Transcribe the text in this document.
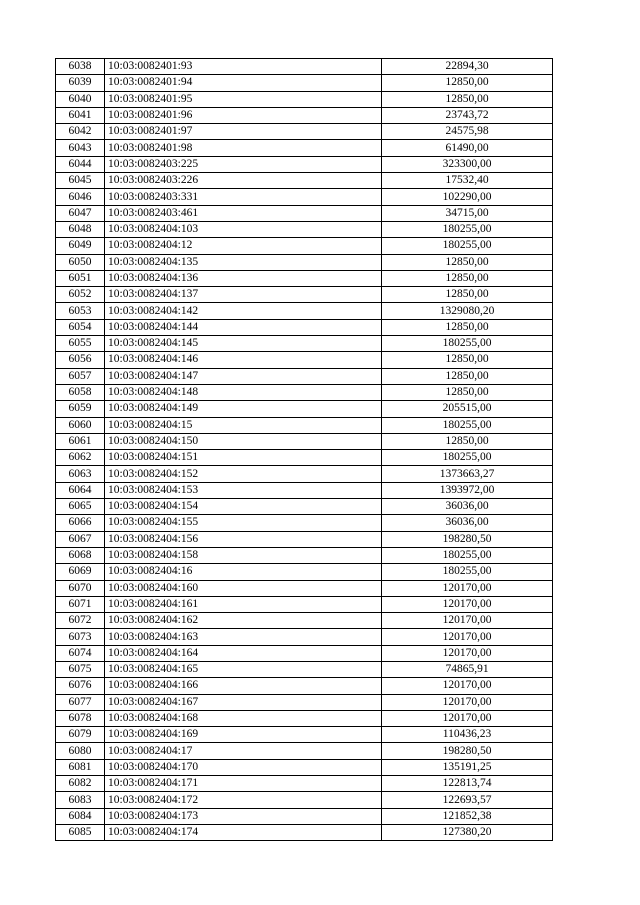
6038	10:03:0082401:93	22894,30
6039	10:03:0082401:94	12850,00
6040	10:03:0082401:95	12850,00
6041	10:03:0082401:96	23743,72
6042	10:03:0082401:97	24575,98
6043	10:03:0082401:98	61490,00
6044	10:03:0082403:225	323300,00
6045	10:03:0082403:226	17532,40
6046	10:03:0082403:331	102290,00
6047	10:03:0082403:461	34715,00
6048	10:03:0082404:103	180255,00
6049	10:03:0082404:12	180255,00
6050	10:03:0082404:135	12850,00
6051	10:03:0082404:136	12850,00
6052	10:03:0082404:137	12850,00
6053	10:03:0082404:142	1329080,20
6054	10:03:0082404:144	12850,00
6055	10:03:0082404:145	180255,00
6056	10:03:0082404:146	12850,00
6057	10:03:0082404:147	12850,00
6058	10:03:0082404:148	12850,00
6059	10:03:0082404:149	205515,00
6060	10:03:0082404:15	180255,00
6061	10:03:0082404:150	12850,00
6062	10:03:0082404:151	180255,00
6063	10:03:0082404:152	1373663,27
6064	10:03:0082404:153	1393972,00
6065	10:03:0082404:154	36036,00
6066	10:03:0082404:155	36036,00
6067	10:03:0082404:156	198280,50
6068	10:03:0082404:158	180255,00
6069	10:03:0082404:16	180255,00
6070	10:03:0082404:160	120170,00
6071	10:03:0082404:161	120170,00
6072	10:03:0082404:162	120170,00
6073	10:03:0082404:163	120170,00
6074	10:03:0082404:164	120170,00
6075	10:03:0082404:165	74865,91
6076	10:03:0082404:166	120170,00
6077	10:03:0082404:167	120170,00
6078	10:03:0082404:168	120170,00
6079	10:03:0082404:169	110436,23
6080	10:03:0082404:17	198280,50
6081	10:03:0082404:170	135191,25
6082	10:03:0082404:171	122813,74
6083	10:03:0082404:172	122693,57
6084	10:03:0082404:173	121852,38
6085	10:03:0082404:174	127380,20
